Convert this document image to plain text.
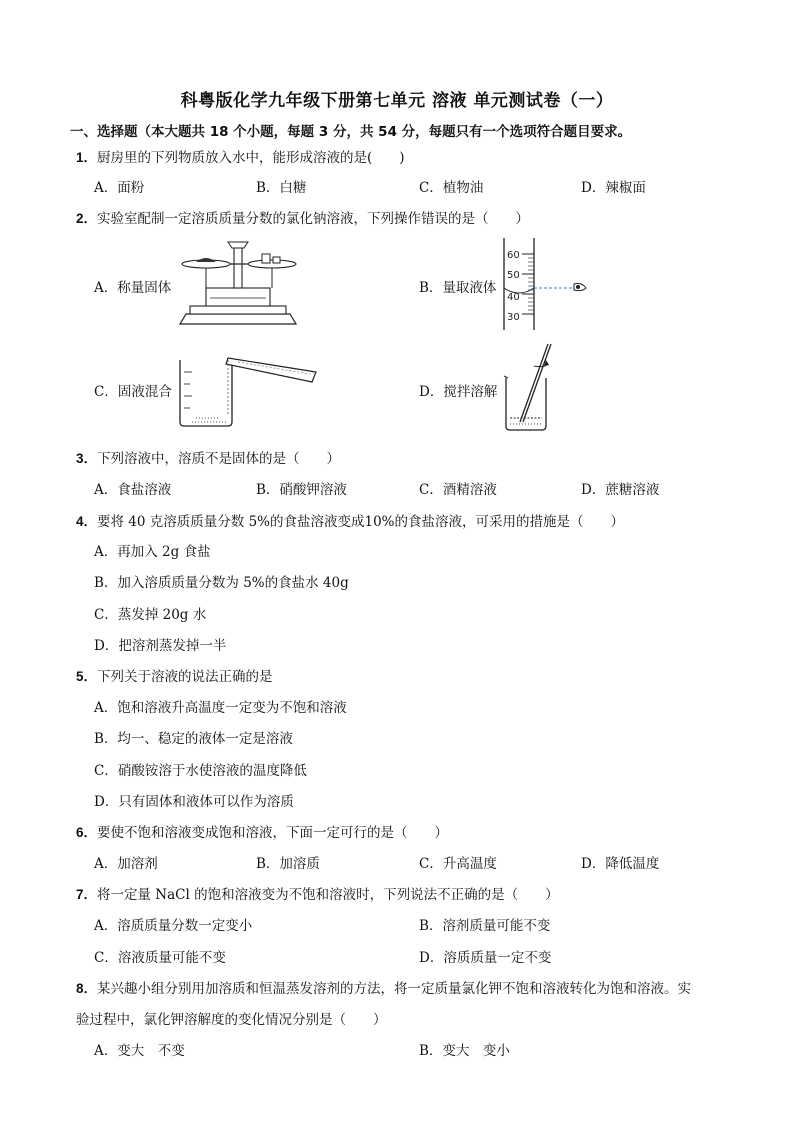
科粤版化学九年级下册第七单元 溶液 单元测试卷（一）
一、选择题（本大题共 18 个小题，每题 3 分，共 54 分，每题只有一个选项符合题目要求。
1．厨房里的下列物质放入水中，能形成溶液的是(　　)
A．面粉	B．白糖	C．植物油	D．辣椒面
2．实验室配制一定溶质质量分数的氯化钠溶液，下列操作错误的是（　　）
A．称量固体	B．量取液体
C．固液混合	D．搅拌溶解
60
50
40
30
3．下列溶液中，溶质不是固体的是（　　）
A．食盐溶液	B．硝酸钾溶液	C．酒精溶液	D．蔗糖溶液
4．要将 40 克溶质质量分数 5%的食盐溶液变成10%的食盐溶液，可采用的措施是（　　）
A．再加入 2g 食盐
B．加入溶质质量分数为 5%的食盐水 40g
C．蒸发掉 20g 水
D．把溶剂蒸发掉一半
5．下列关于溶液的说法正确的是
A．饱和溶液升高温度一定变为不饱和溶液
B．均一、稳定的液体一定是溶液
C．硝酸铵溶于水使溶液的温度降低
D．只有固体和液体可以作为溶质
6．要使不饱和溶液变成饱和溶液，下面一定可行的是（　　）
A．加溶剂	B．加溶质	C．升高温度	D．降低温度
7．将一定量 NaCl 的饱和溶液变为不饱和溶液时，下列说法不正确的是（　　）
A．溶质质量分数一定变小	B．溶剂质量可能不变
C．溶液质量可能不变	D．溶质质量一定不变
8．某兴趣小组分别用加溶质和恒温蒸发溶剂的方法，将一定质量氯化钾不饱和溶液转化为饱和溶液。实
验过程中，氯化钾溶解度的变化情况分别是（　　）
A．变大　不变	B．变大　变小
